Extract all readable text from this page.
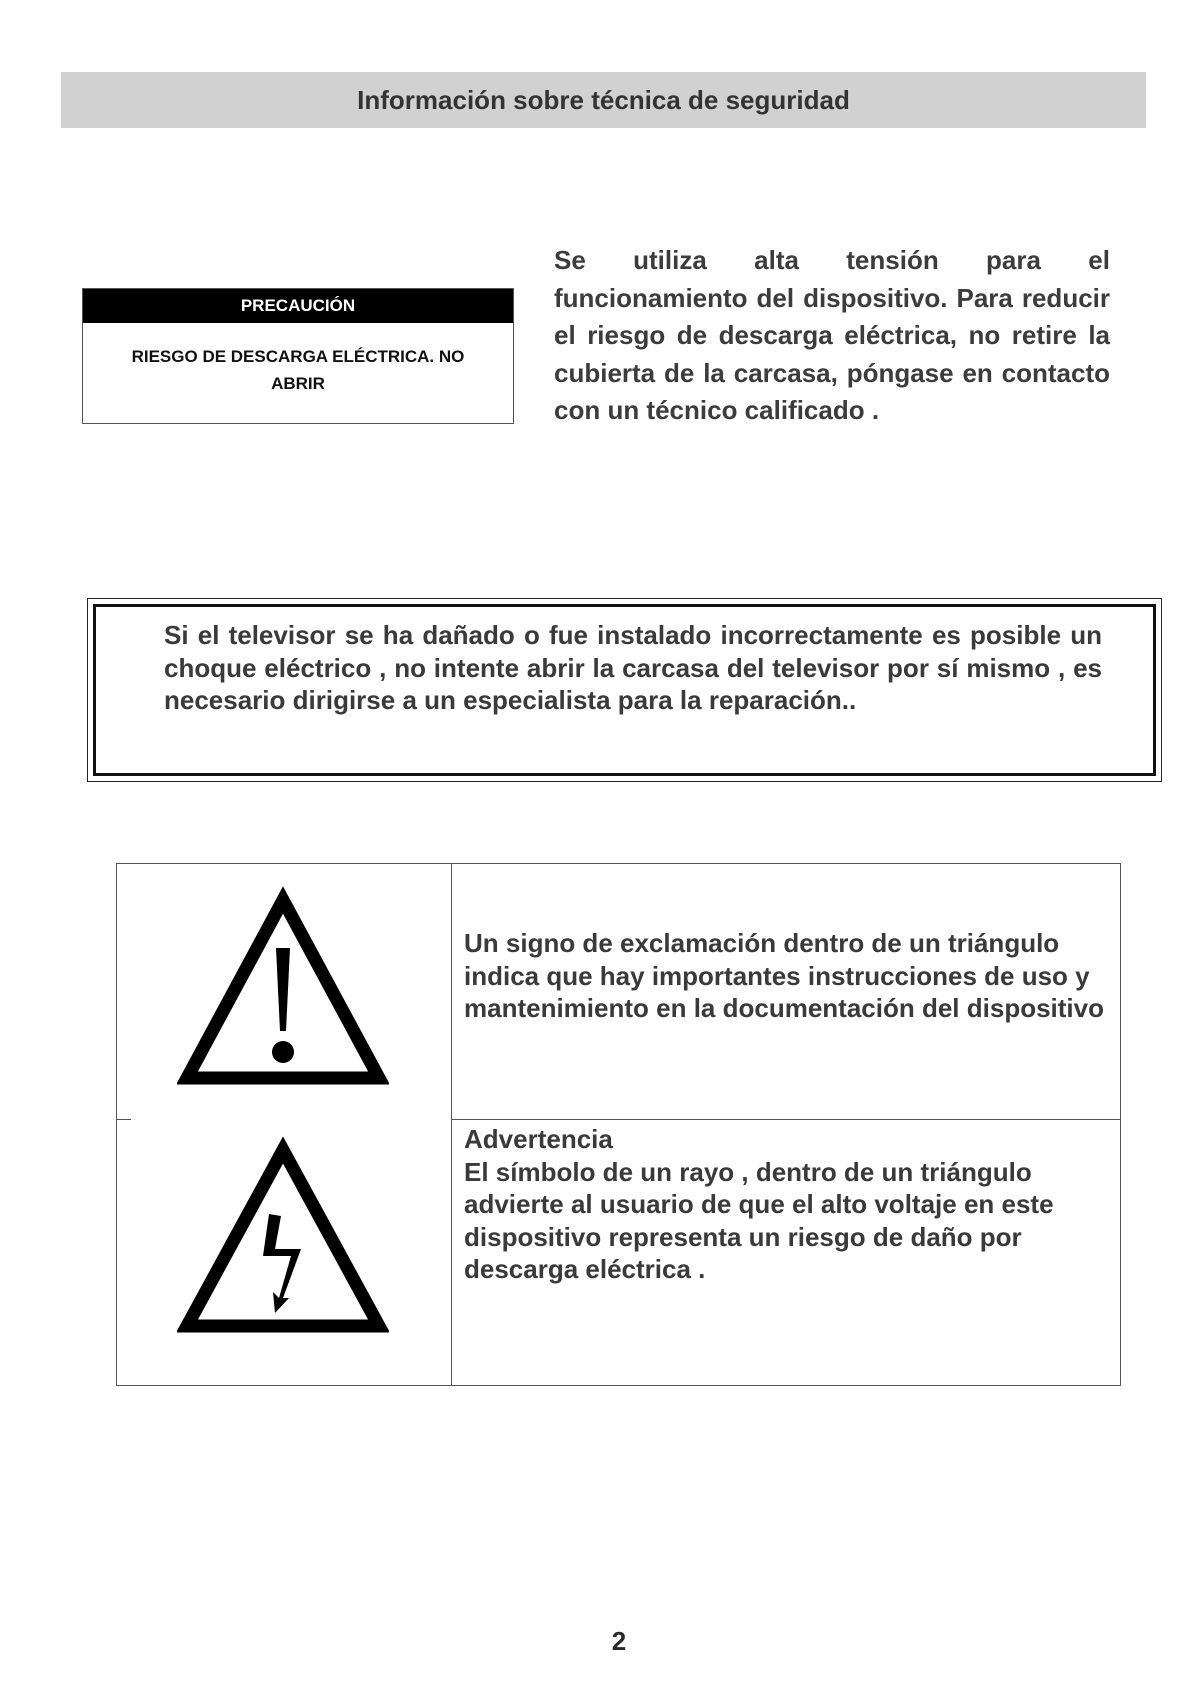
Información sobre técnica de seguridad
PRECAUCIÓN
RIESGO DE DESCARGA ELÉCTRICA. NO ABRIR

Se utiliza alta tensión para el funcionamiento del dispositivo. Para reducir el riesgo de descarga eléctrica, no retire la cubierta de la carcasa, póngase en contacto con un técnico calificado .

Si el televisor se ha dañado o fue instalado incorrectamente es posible un choque eléctrico , no intente abrir la carcasa del televisor por sí mismo , es necesario dirigirse a un especialista para la reparación..

Un signo de exclamación dentro de un triángulo indica que hay importantes instrucciones de uso y mantenimiento en la documentación del dispositivo

Advertencia
El símbolo de un rayo , dentro de un triángulo advierte al usuario de que el alto voltaje en este dispositivo representa un riesgo de daño por descarga eléctrica .

2
